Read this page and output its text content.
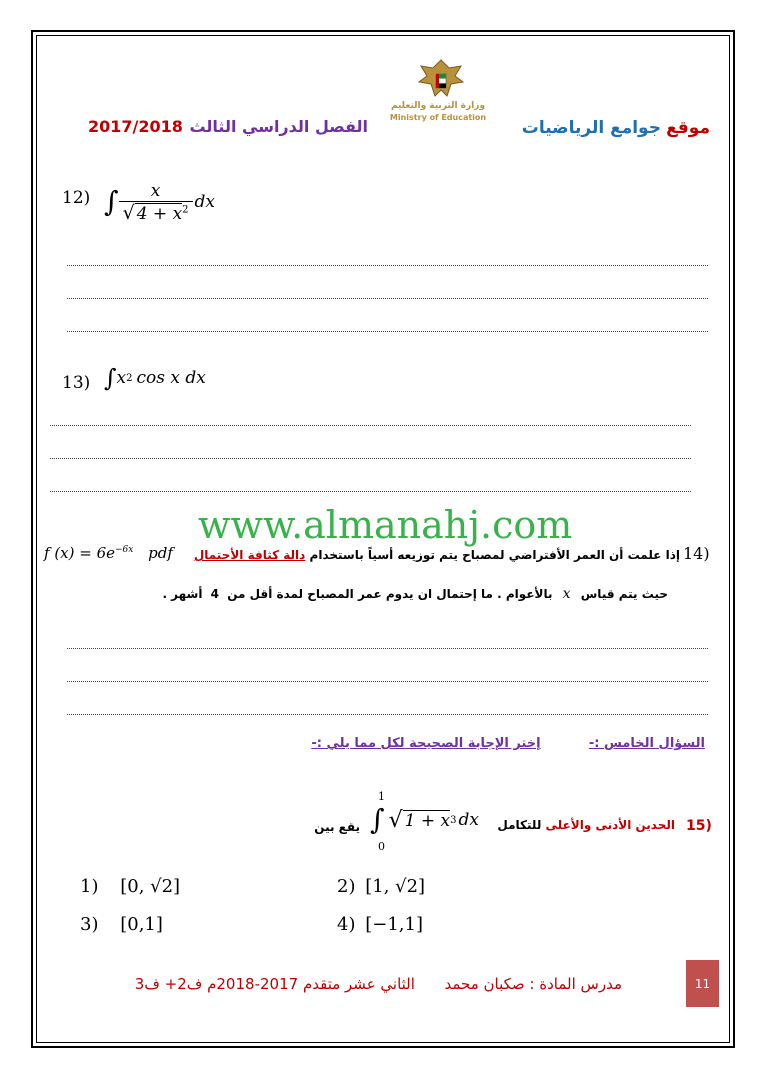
وزارة التربية والتعليم
Ministry of Education
موقع جوامع الرياضيات
الفصل الدراسي الثالث
2017/2018
12) ∫ $\frac{x}{√ 4 + x^2}$ dx
13) ∫ x 2 cos x dx
www.almanahj.com
14)
f $(x) = 6e^{-6x}$ pdf	إذا علمت أن العمر الأفتراضي لمصباح يتم توزيعه أسياً باستخدام دالة كثافة الأحتمال
حيث يتم قياس x بالأعوام . ما إحتمال ان يدوم عمر المصباح لمدة أقل من 4 أشهر .
السؤال الخامس :-  إختر الإجابة الصحيحة لكل مما يلي :-
15)
الحدين الأدنى والأعلى للتكامل
يقع بين
1
0
∫ √ 1 + x 3 dx
1) [0, √2]	2) [1, √2]
3) [0,1]	4) [−1,1]
مدرس المادة : صكبان محمد  الثاني عشر متقدم 2017-2018م ف2+ ف3	11
